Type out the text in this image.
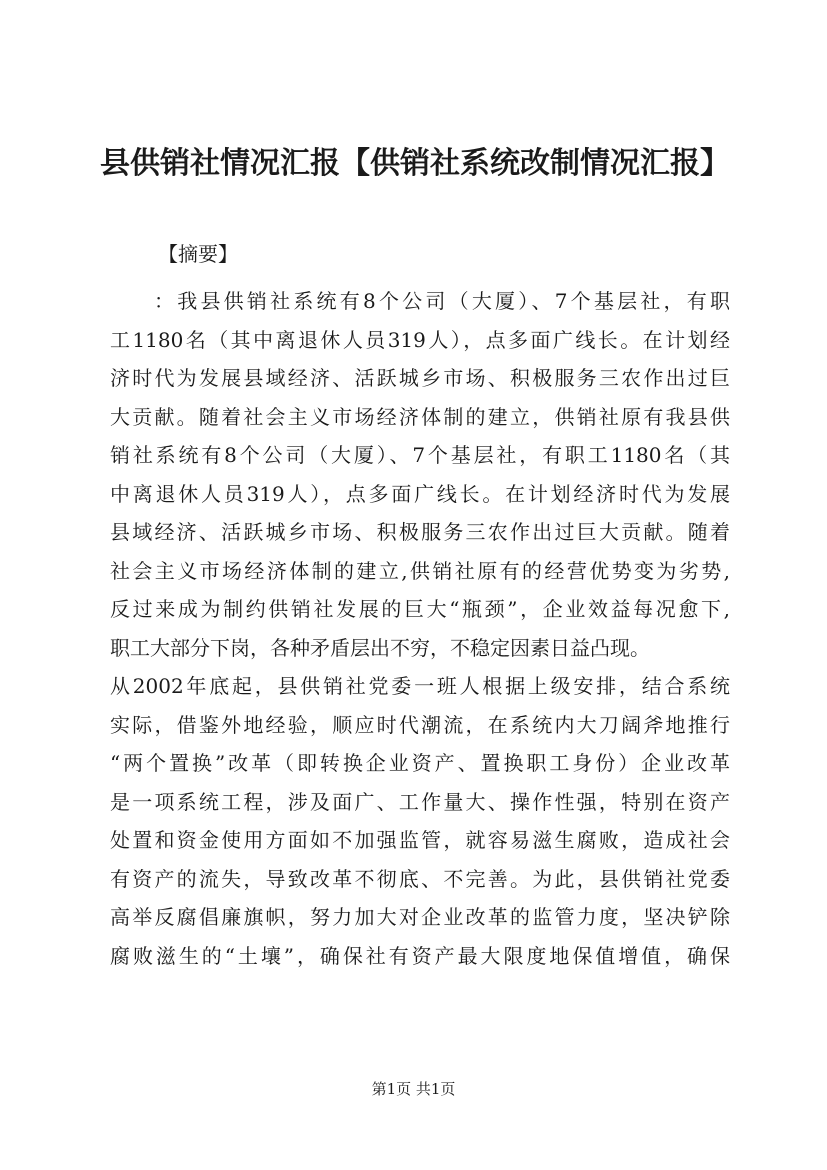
县供销社情况汇报【供销社系统改制情况汇报】
【摘要】
：我县供销社系统有8个公司（大厦）、7个基层社，有职
工1180名（其中离退休人员319人），点多面广线长。在计划经
济时代为发展县域经济、活跃城乡市场、积极服务三农作出过巨
大贡献。随着社会主义市场经济体制的建立，供销社原有我县供
销社系统有8个公司（大厦）、7个基层社，有职工1180名（其
中离退休人员319人），点多面广线长。在计划经济时代为发展
县域经济、活跃城乡市场、积极服务三农作出过巨大贡献。随着
社会主义市场经济体制的建立,供销社原有的经营优势变为劣势,
反过来成为制约供销社发展的巨大“瓶颈”，企业效益每况愈下,
职工大部分下岗，各种矛盾层出不穷，不稳定因素日益凸现。
从2002年底起，县供销社党委一班人根据上级安排，结合系统
实际，借鉴外地经验，顺应时代潮流，在系统内大刀阔斧地推行
“两个置换”改革（即转换企业资产、置换职工身份）企业改革
是一项系统工程，涉及面广、工作量大、操作性强，特别在资产
处置和资金使用方面如不加强监管，就容易滋生腐败，造成社会
有资产的流失，导致改革不彻底、不完善。为此，县供销社党委
高举反腐倡廉旗帜，努力加大对企业改革的监管力度，坚决铲除
腐败滋生的“土壤”，确保社有资产最大限度地保值增值，确保
第1页 共1页
